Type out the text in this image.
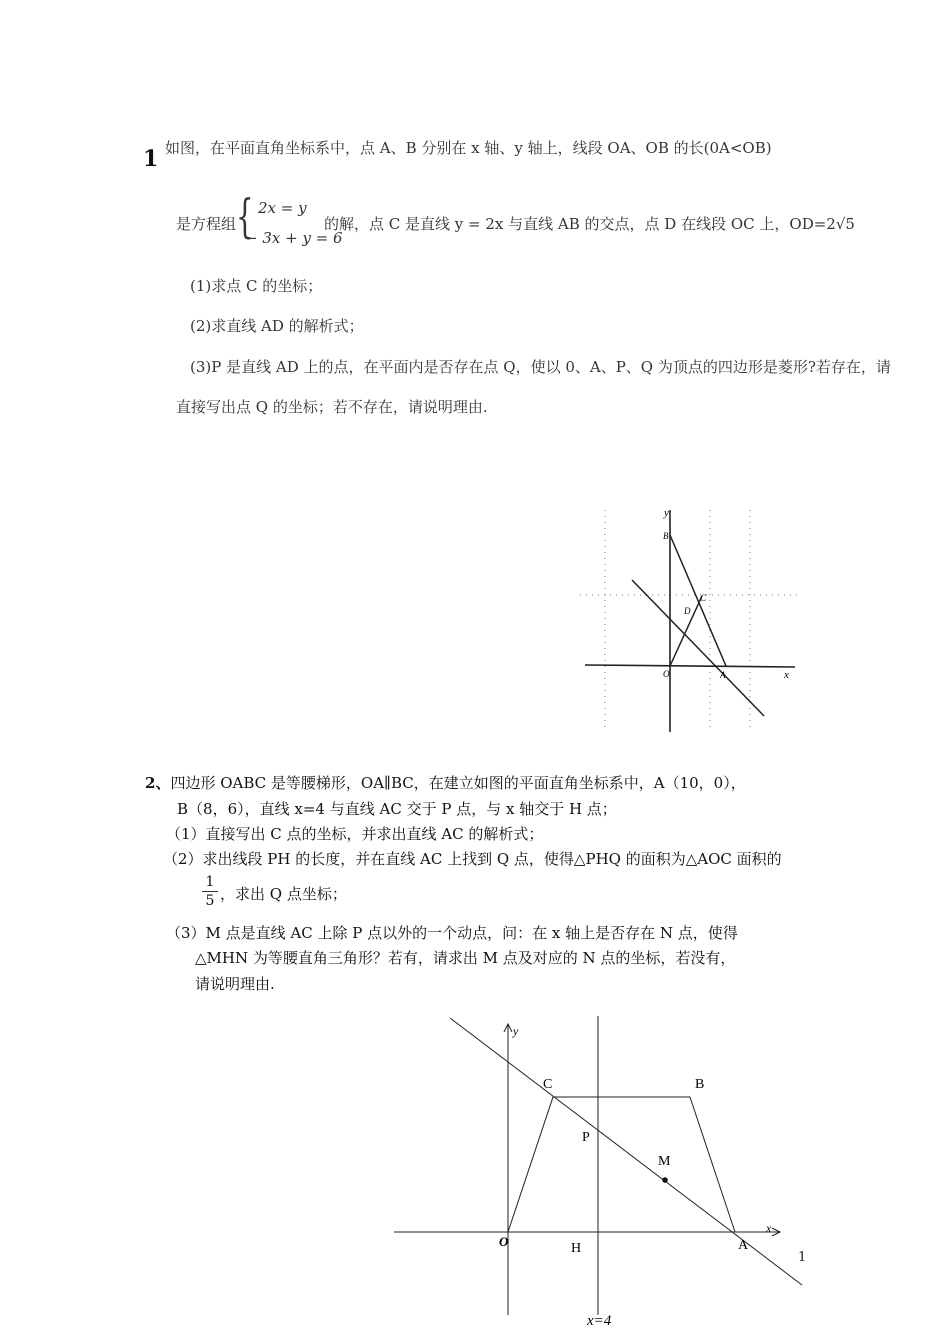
1 如图，在平面直角坐标系中，点 A、B 分别在 x 轴、y 轴上，线段 OA、OB 的长(0A<OB)
是方程组 { 2x = y
− 3x + y = 6
的解，点 C 是直线 y = 2x 与直线 AB 的交点，点 D 在线段 OC 上，OD=2√5
(1)求点 C 的坐标；
(2)求直线 AD 的解析式；
(3)P 是直线 AD 上的点，在平面内是否存在点 Q，使以 0、A、P、Q 为顶点的四边形是菱形?若存在，请
直接写出点 Q 的坐标；若不存在，请说明理由.
y
x
O	A
B
C
D
2、四边形 OABC 是等腰梯形，OA∥BC，在建立如图的平面直角坐标系中，A（10，0），
B（8，6），直线 x=4 与直线 AC 交于 P 点，与 x 轴交于 H 点；
（1）直接写出 C 点的坐标，并求出直线 AC 的解析式；
（2）求出线段 PH 的长度，并在直线 AC 上找到 Q 点，使得△PHQ 的面积为△AOC 面积的
$\frac{1}{5}$ ，求出 Q 点坐标；
（3）M 点是直线 AC 上除 P 点以外的一个动点，问：在 x 轴上是否存在 N 点，使得
△MHN 为等腰直角三角形？若有，请求出 M 点及对应的 N 点的坐标，若没有，
请说明理由.
y
x
O	A
B
C
P
M
H
x=4
1
